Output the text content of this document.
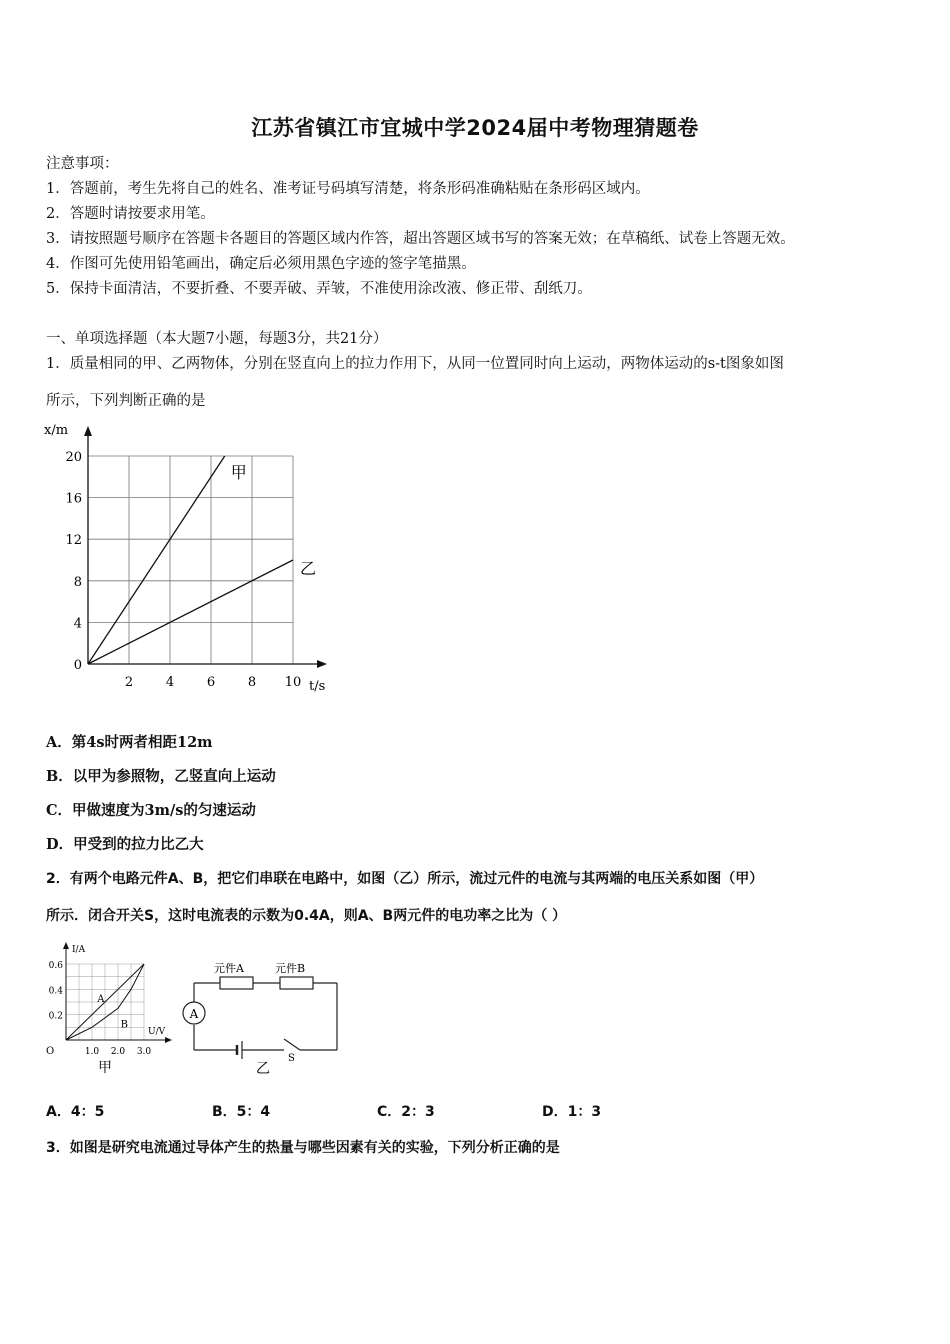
江苏省镇江市宜城中学2024届中考物理猜题卷
注意事项：
1．答题前，考生先将自己的姓名、准考证号码填写清楚，将条形码准确粘贴在条形码区域内。
2．答题时请按要求用笔。
3．请按照题号顺序在答题卡各题目的答题区域内作答，超出答题区域书写的答案无效；在草稿纸、试卷上答题无效。
4．作图可先使用铅笔画出，确定后必须用黑色字迹的签字笔描黑。
5．保持卡面清洁，不要折叠、不要弄破、弄皱，不准使用涂改液、修正带、刮纸刀。
一、单项选择题（本大题7小题，每题3分，共21分）
1．质量相同的甲、乙两物体，分别在竖直向上的拉力作用下，从同一位置同时向上运动，两物体运动的s-t图象如图
所示，下列判断正确的是
0
4
8
12
16
20
2	4	6	8 10
x/m
t/s
甲
乙
A．第4s时两者相距12m
B．以甲为参照物，乙竖直向上运动
C．甲做速度为3m/s的匀速运动
D．甲受到的拉力比乙大
2．有两个电路元件A、B，把它们串联在电路中，如图（乙）所示，流过元件的电流与其两端的电压关系如图（甲）
所示．闭合开关S，这时电流表的示数为0.4A，则A、B两元件的电功率之比为（ ）
0.2
0.4
0.6
1.0 2.0 3.0
O
I/A
U/V
A
B
甲
A
元件A	元件B
S
乙
A．4：5	B．5：4	C．2：3	D．1：3
3．如图是研究电流通过导体产生的热量与哪些因素有关的实验，下列分析正确的是
